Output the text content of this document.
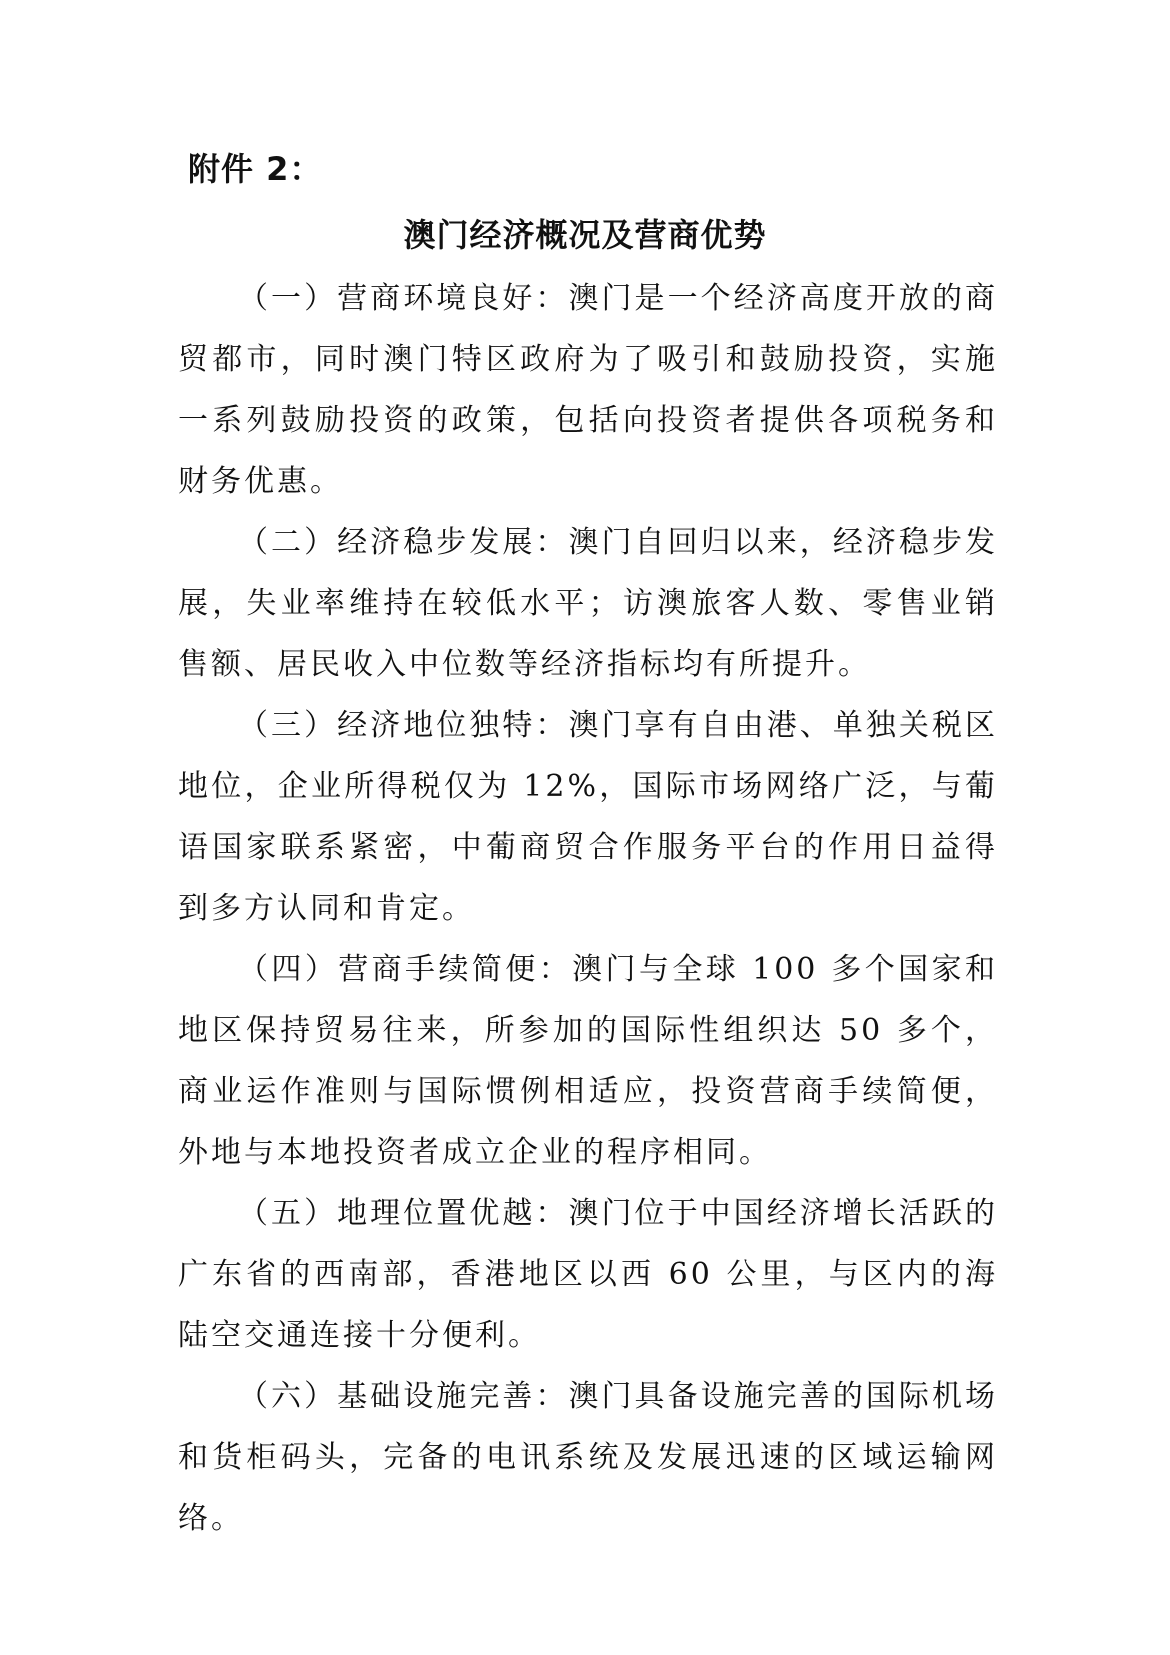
附件 2：
澳门经济概况及营商优势

（一）营商环境良好：澳门是一个经济高度开放的商贸都市，同时澳门特区政府为了吸引和鼓励投资，实施一系列鼓励投资的政策，包括向投资者提供各项税务和财务优惠。

（二）经济稳步发展：澳门自回归以来，经济稳步发展，失业率维持在较低水平；访澳旅客人数、零售业销售额、居民收入中位数等经济指标均有所提升。

（三）经济地位独特：澳门享有自由港、单独关税区地位，企业所得税仅为 12%，国际市场网络广泛，与葡语国家联系紧密，中葡商贸合作服务平台的作用日益得到多方认同和肯定。

（四）营商手续简便：澳门与全球 100 多个国家和地区保持贸易往来，所参加的国际性组织达 50 多个，商业运作准则与国际惯例相适应，投资营商手续简便，外地与本地投资者成立企业的程序相同。

（五）地理位置优越：澳门位于中国经济增长活跃的广东省的西南部，香港地区以西 60 公里，与区内的海陆空交通连接十分便利。

（六）基础设施完善：澳门具备设施完善的国际机场和货柜码头，完备的电讯系统及发展迅速的区域运输网络。
